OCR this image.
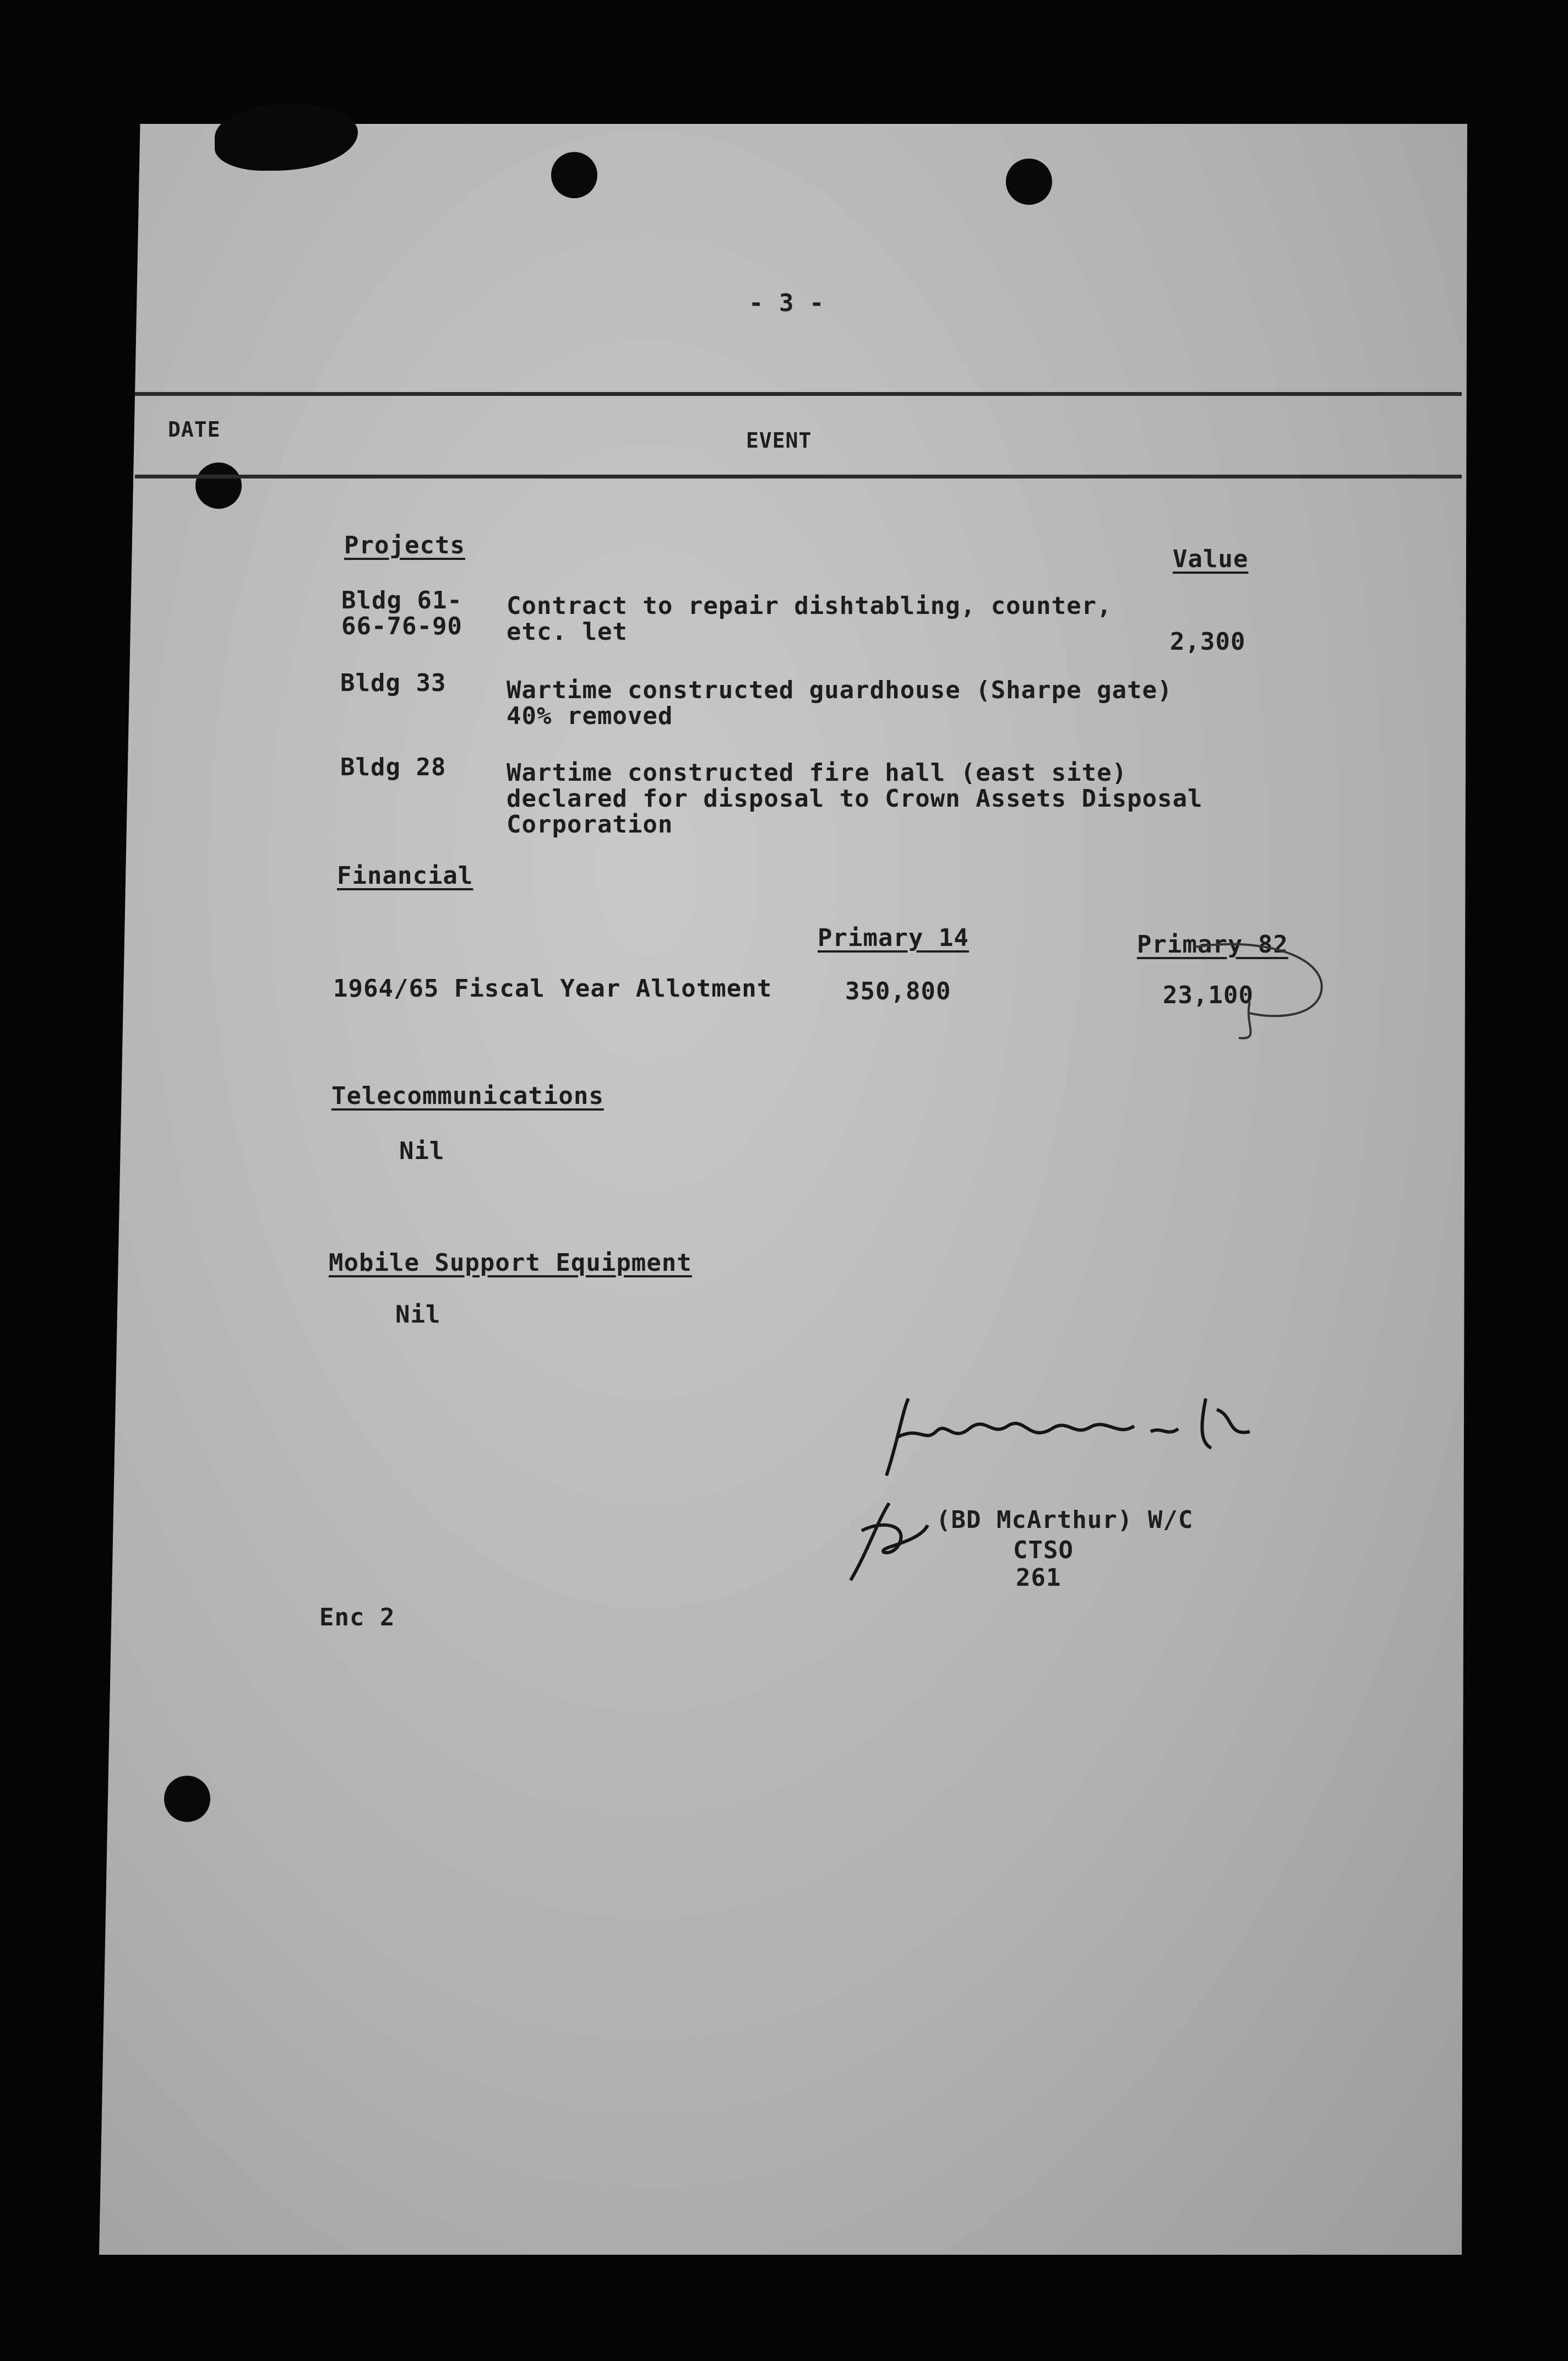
- 3 -
DATE	EVENT
Projects	Value
Bldg 61-
66-76-90
Contract to repair dishtabling, counter,
etc. let	2,300
Bldg 33 Wartime constructed guardhouse (Sharpe gate)
40% removed
Bldg 28 Wartime constructed fire hall (east site)
declared for disposal to Crown Assets Disposal
Corporation
Financial
Primary 14	Primary 82
1964/65 Fiscal Year Allotment	350,800	23,100
Telecommunications
Nil
Mobile Support Equipment
Nil
(BD McArthur) W/C
CTSO
261
Enc 2
